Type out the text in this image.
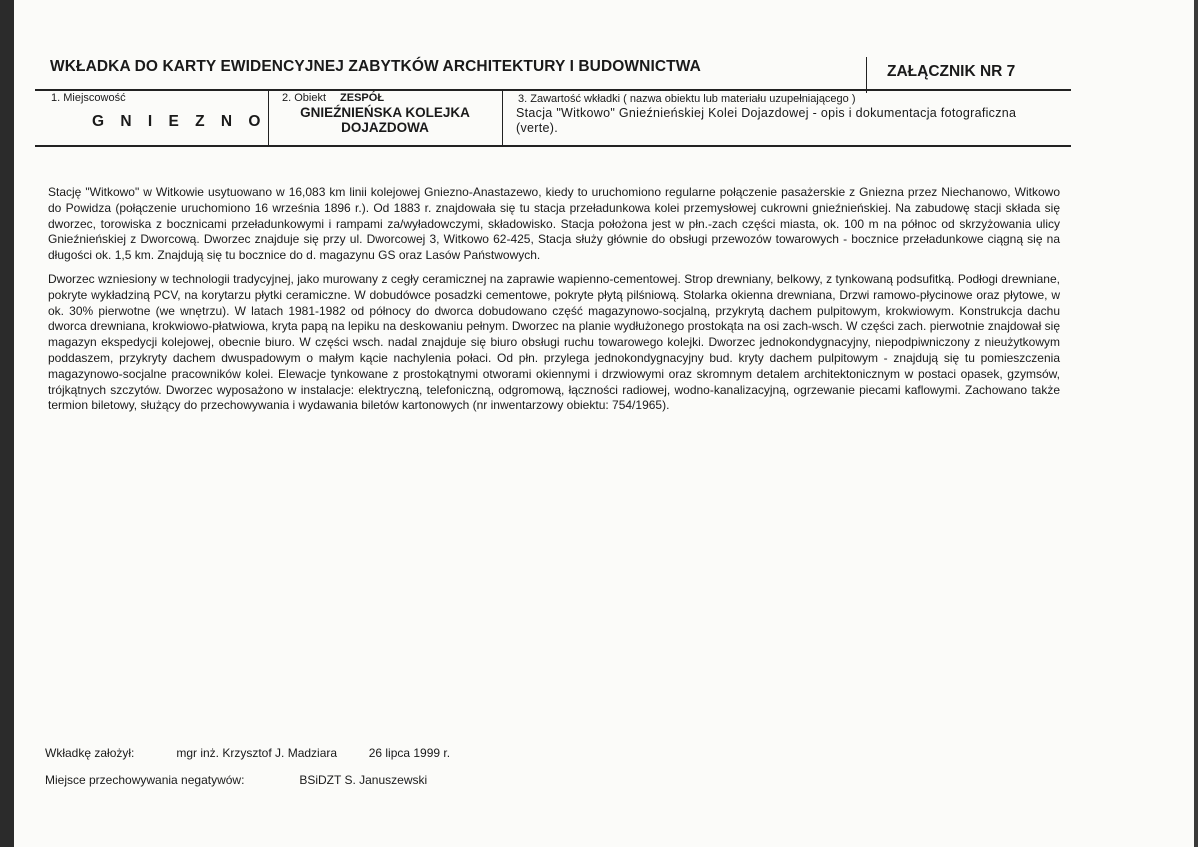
WKŁADKA DO KARTY EWIDENCYJNEJ ZABYTKÓW ARCHITEKTURY I BUDOWNICTWA	ZAŁĄCZNIK NR 7
1. Miejscowość
G N I E Z N O
2. Obiekt ZESPÓŁ
GNIEŹNIEŃSKA KOLEJKA DOJAZDOWA
3. Zawartość wkładki ( nazwa obiektu lub materiału uzupełniającego )
Stacja "Witkowo" Gnieźnieńskiej Kolei Dojazdowej - opis i dokumentacja fotograficzna (verte).

Stację "Witkowo" w Witkowie usytuowano w 16,083 km linii kolejowej Gniezno-Anastazewo, kiedy to uruchomiono regularne połączenie pasażerskie z Gniezna przez Niechanowo, Witkowo do Powidza (połączenie uruchomiono 16 września 1896 r.). Od 1883 r. znajdowała się tu stacja przeładunkowa kolei przemysłowej cukrowni gnieźnieńskiej. Na zabudowę stacji składa się dworzec, torowiska z bocznicami przeładunkowymi i rampami za/wyładowczymi, składowisko. Stacja położona jest w płn.-zach części miasta, ok. 100 m na północ od skrzyżowania ulicy Gnieźnieńskiej z Dworcową. Dworzec znajduje się przy ul. Dworcowej 3, Witkowo 62-425, Stacja służy głównie do obsługi przewozów towarowych - bocznice przeładunkowe ciągną się na długości ok. 1,5 km. Znajdują się tu bocznice do d. magazynu GS oraz Lasów Państwowych.

Dworzec wzniesiony w technologii tradycyjnej, jako murowany z cegły ceramicznej na zaprawie wapienno-cementowej. Strop drewniany, belkowy, z tynkowaną podsufitką. Podłogi drewniane, pokryte wykładziną PCV, na korytarzu płytki ceramiczne. W dobudówce posadzki cementowe, pokryte płytą pilśniową. Stolarka okienna drewniana, Drzwi ramowo-płycinowe oraz płytowe, w ok. 30% pierwotne (we wnętrzu). W latach 1981-1982 od północy do dworca dobudowano część magazynowo-socjalną, przykrytą dachem pulpitowym, krokwiowym. Konstrukcja dachu dworca drewniana, krokwiowo-płatwiowa, kryta papą na lepiku na deskowaniu pełnym. Dworzec na planie wydłużonego prostokąta na osi zach-wsch. W części zach. pierwotnie znajdował się magazyn ekspedycji kolejowej, obecnie biuro. W części wsch. nadal znajduje się biuro obsługi ruchu towarowego kolejki. Dworzec jednokondygnacyjny, niepodpiwniczony z nieużytkowym poddaszem, przykryty dachem dwuspadowym o małym kącie nachylenia połaci. Od płn. przylega jednokondygnacyjny bud. kryty dachem pulpitowym - znajdują się tu pomieszczenia magazynowo-socjalne pracowników kolei. Elewacje tynkowane z prostokątnymi otworami okiennymi i drzwiowymi oraz skromnym detalem architektonicznym w postaci opasek, gzymsów, trójkątnych szczytów. Dworzec wyposażono w instalacje: elektryczną, telefoniczną, odgromową, łączności radiowej, wodno-kanalizacyjną, ogrzewanie piecami kaflowymi. Zachowano także termion biletowy, służący do przechowywania i wydawania biletów kartonowych (nr inwentarzowy obiektu: 754/1965).

Wkładkę założył:	mgr inż. Krzysztof J. Madziara	26 lipca 1999 r.
Miejsce przechowywania negatywów:	BSiDZT S. Januszewski
